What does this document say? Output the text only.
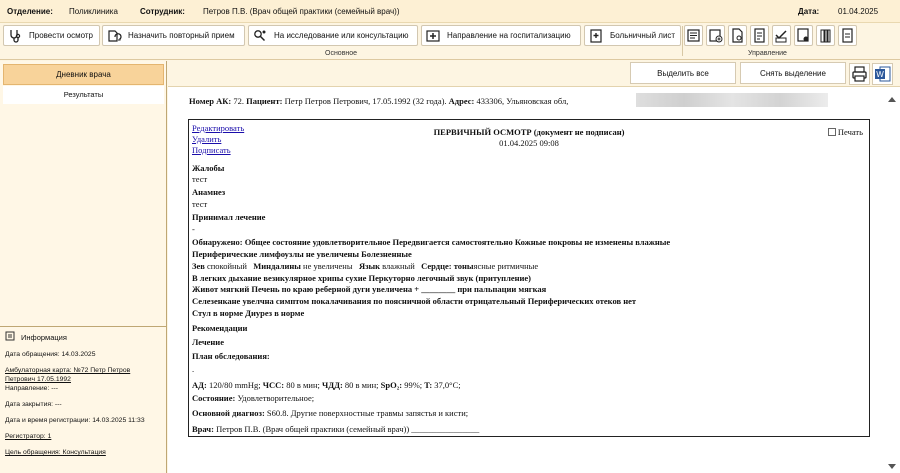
Отделение: Поликлиника	Сотрудник: Петров П.В. (Врач общей практики (семейный врач))	Дата: 01.04.2025
Провести осмотр	Назначить повторный прием	На исследование или консультацию	Направление на госпитализацию	Больничный лист
Основное	Управление
Дневник врача
Результаты
Информация
Дата обращения: 14.03.2025
Амбулаторная карта: №72 Петр Петров Петрович 17.05.1992
Направление: ---
Дата закрытия: ---
Дата и время регистрации: 14.03.2025 11:33
Регистратор: 1
Цель обращения: Консультация
Выделить все	Снять выделение	W
Номер АК: 72. Пациент: Петр Петров Петрович, 17.05.1992 (32 года). Адрес: 433306, Ульяновская обл,
Редактировать
Удалить
Подписать
ПЕРВИЧНЫЙ ОСМОТР (документ не подписан)
01.04.2025 09:08
Печать
Жалобы
тест
Анамнез
тест
Принимал лечение
-
Обнаружено: Общее состояние удовлетворительное Передвигается самостоятельно Кожные покровы не изменены влажные
Периферические лимфоузлы не увеличены Болезненные
Зев спокойный Миндалины не увеличены Язык влажный Сердце: тоныясные ритмичные
В легких дыхание везикулярное хрипы сухие Перкуторно легочный звук (притупление)
Живот мягкий Печень по краю реберной дуги увеличена + ________ при пальпации мягкая
Селезенкане увелчна симптом покалачивания по поясничной области отрицательный Периферических отеков нет
Стул в норме Диурез в норме
Рекомендации
Лечение
План обследования:
.
АД: 120/80 mmHg; ЧСС: 80 в мин; ЧДД: 80 в мин; SpO₂: 99%; T: 37,0°С;
Состояние: Удовлетворительное;
Основной диагноз: S60.8. Другие поверхностные травмы запястья и кисти;
Врач: Петров П.В. (Врач общей практики (семейный врач)) ________________
